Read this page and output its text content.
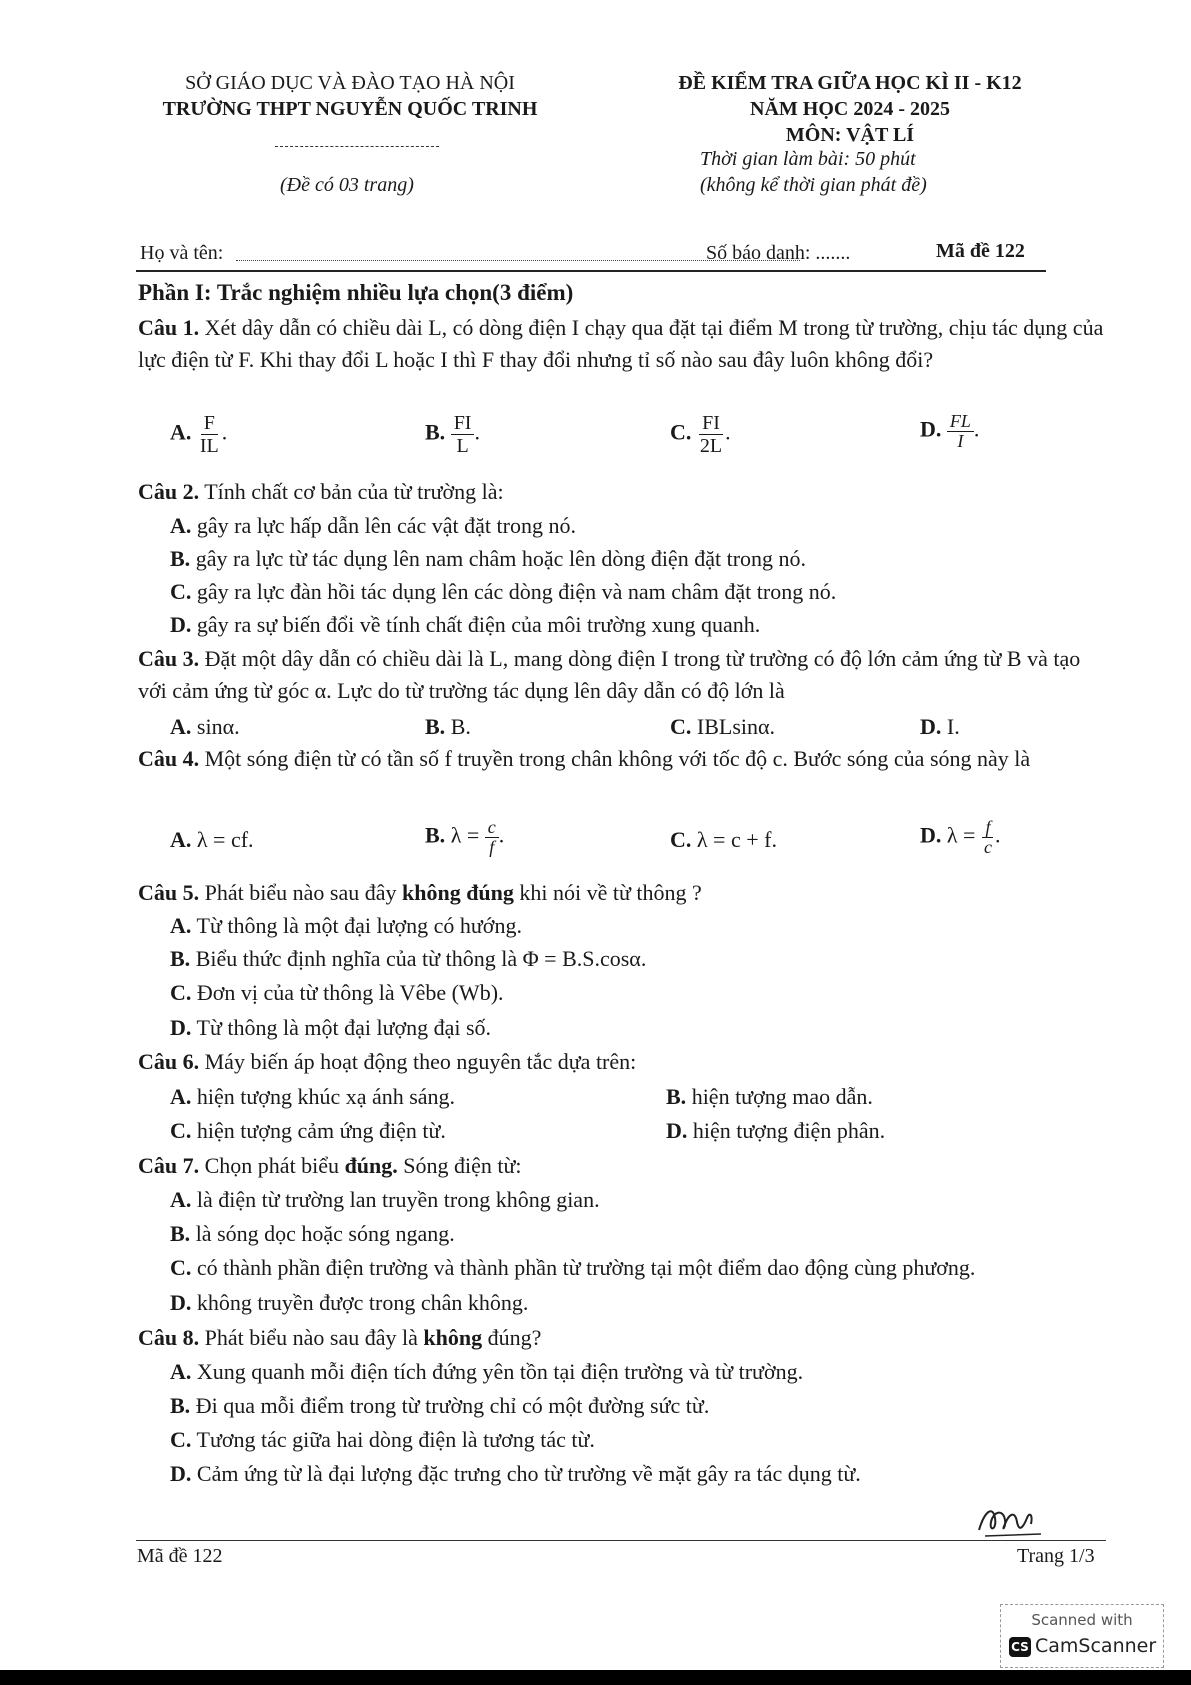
SỞ GIÁO DỤC VÀ ĐÀO TẠO HÀ NỘI
TRƯỜNG THPT NGUYỄN QUỐC TRINH
(Đề có 03 trang)
ĐỀ KIỂM TRA GIỮA HỌC KÌ II - K12
NĂM HỌC 2024 - 2025
MÔN: VẬT LÍ
Thời gian làm bài: 50 phút
(không kể thời gian phát đề)
Họ và tên:	Số báo danh: .......	Mã đề 122
Phần I: Trắc nghiệm nhiều lựa chọn(3 điểm)
Câu 1. Xét dây dẫn có chiều dài L, có dòng điện I chạy qua đặt tại điểm M trong từ trường, chịu tác dụng của lực điện từ F. Khi thay đổi L hoặc I thì F thay đổi nhưng tỉ số nào sau đây luôn không đổi?
A. $\frac{F}{IL}$ .	B. $\frac{FI}{L}$ .	C. $\frac{FI}{2L}$ .	D. $\frac{FL}{I}$ .
Câu 2. Tính chất cơ bản của từ trường là:
A. gây ra lực hấp dẫn lên các vật đặt trong nó.
B. gây ra lực từ tác dụng lên nam châm hoặc lên dòng điện đặt trong nó.
C. gây ra lực đàn hồi tác dụng lên các dòng điện và nam châm đặt trong nó.
D. gây ra sự biến đổi về tính chất điện của môi trường xung quanh.
Câu 3. Đặt một dây dẫn có chiều dài là L, mang dòng điện I trong từ trường có độ lớn cảm ứng từ B và tạo với cảm ứng từ góc α. Lực do từ trường tác dụng lên dây dẫn có độ lớn là
A. sinα.	B. B.	C. IBLsinα.	D. I.
Câu 4. Một sóng điện từ có tần số f truyền trong chân không với tốc độ c. Bước sóng của sóng này là
A. λ = cf.	B. $\lambda = \frac{c}{f}$ .	C. λ = c + f.	D. $\lambda = \frac{f}{c}$ .
Câu 5. Phát biểu nào sau đây không đúng khi nói về từ thông ?
A. Từ thông là một đại lượng có hướng.
B. Biểu thức định nghĩa của từ thông là Φ = B.S.cosα.
C. Đơn vị của từ thông là Vêbe (Wb).
D. Từ thông là một đại lượng đại số.
Câu 6. Máy biến áp hoạt động theo nguyên tắc dựa trên:
A. hiện tượng khúc xạ ánh sáng.	B. hiện tượng mao dẫn.
C. hiện tượng cảm ứng điện từ.	D. hiện tượng điện phân.
Câu 7. Chọn phát biểu đúng. Sóng điện từ:
A. là điện từ trường lan truyền trong không gian.
B. là sóng dọc hoặc sóng ngang.
C. có thành phần điện trường và thành phần từ trường tại một điểm dao động cùng phương.
D. không truyền được trong chân không.
Câu 8. Phát biểu nào sau đây là không đúng?
A. Xung quanh mỗi điện tích đứng yên tồn tại điện trường và từ trường.
B. Đi qua mỗi điểm trong từ trường chỉ có một đường sức từ.
C. Tương tác giữa hai dòng điện là tương tác từ.
D. Cảm ứng từ là đại lượng đặc trưng cho từ trường về mặt gây ra tác dụng từ.
Mã đề 122	Trang 1/3
Scanned with
CS CamScanner
